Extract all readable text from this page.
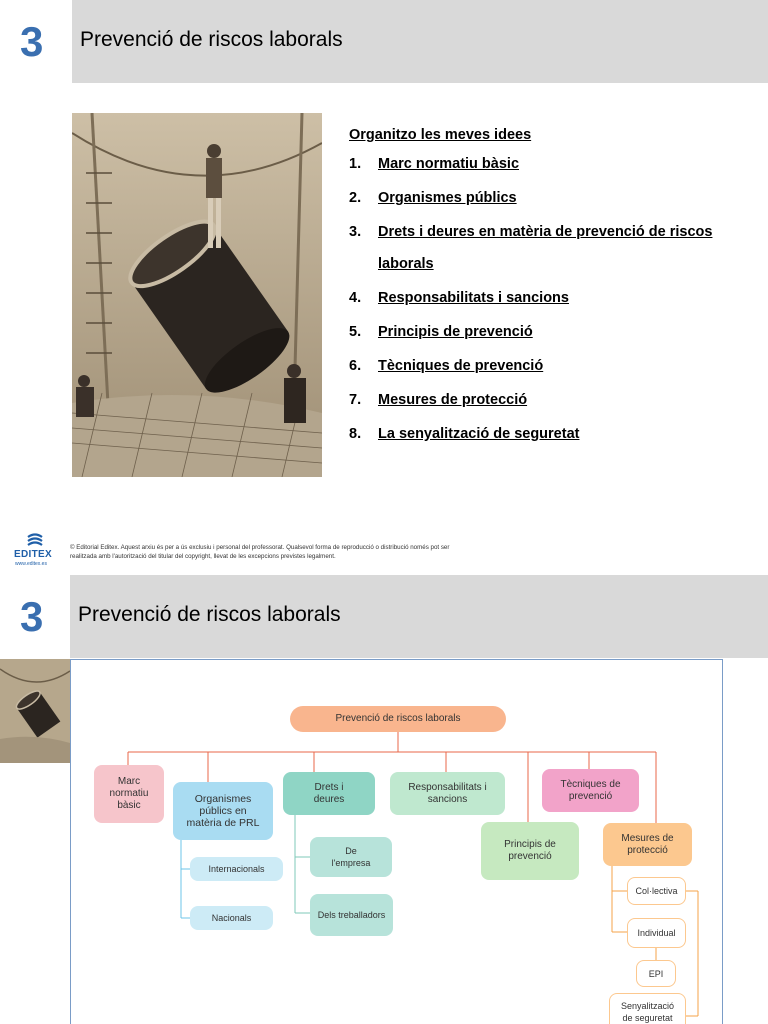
3	Prevenció de riscos laborals
Organitzo les meves idees
1. Marc normatiu bàsic
2. Organismes públics
3. Drets i deures en matèria de prevenció de riscos laborals
4. Responsabilitats i sancions
5. Principis de prevenció
6. Tècniques de prevenció
7. Mesures de protecció
8. La senyalització de seguretat
EDITEX
www.editex.es
© Editorial Editex. Aquest arxiu és per a ús exclusiu i personal del professorat. Qualsevol forma de reproducció o distribució només pot ser realitzada amb l'autorització del titular del copyright, llevat de les excepcions previstes legalment.
3	Prevenció de riscos laborals
Prevenció de riscos laborals
Marc normatiu bàsic
Organismes públics en matèria de PRL
Internacionals
Nacionals
Drets i deures
De l'empresa
Dels treballadors
Responsabilitats i sancions
Principis de prevenció
Tècniques de prevenció
Mesures de protecció
Col·lectiva
Individual
EPI
Senyalització de seguretat
